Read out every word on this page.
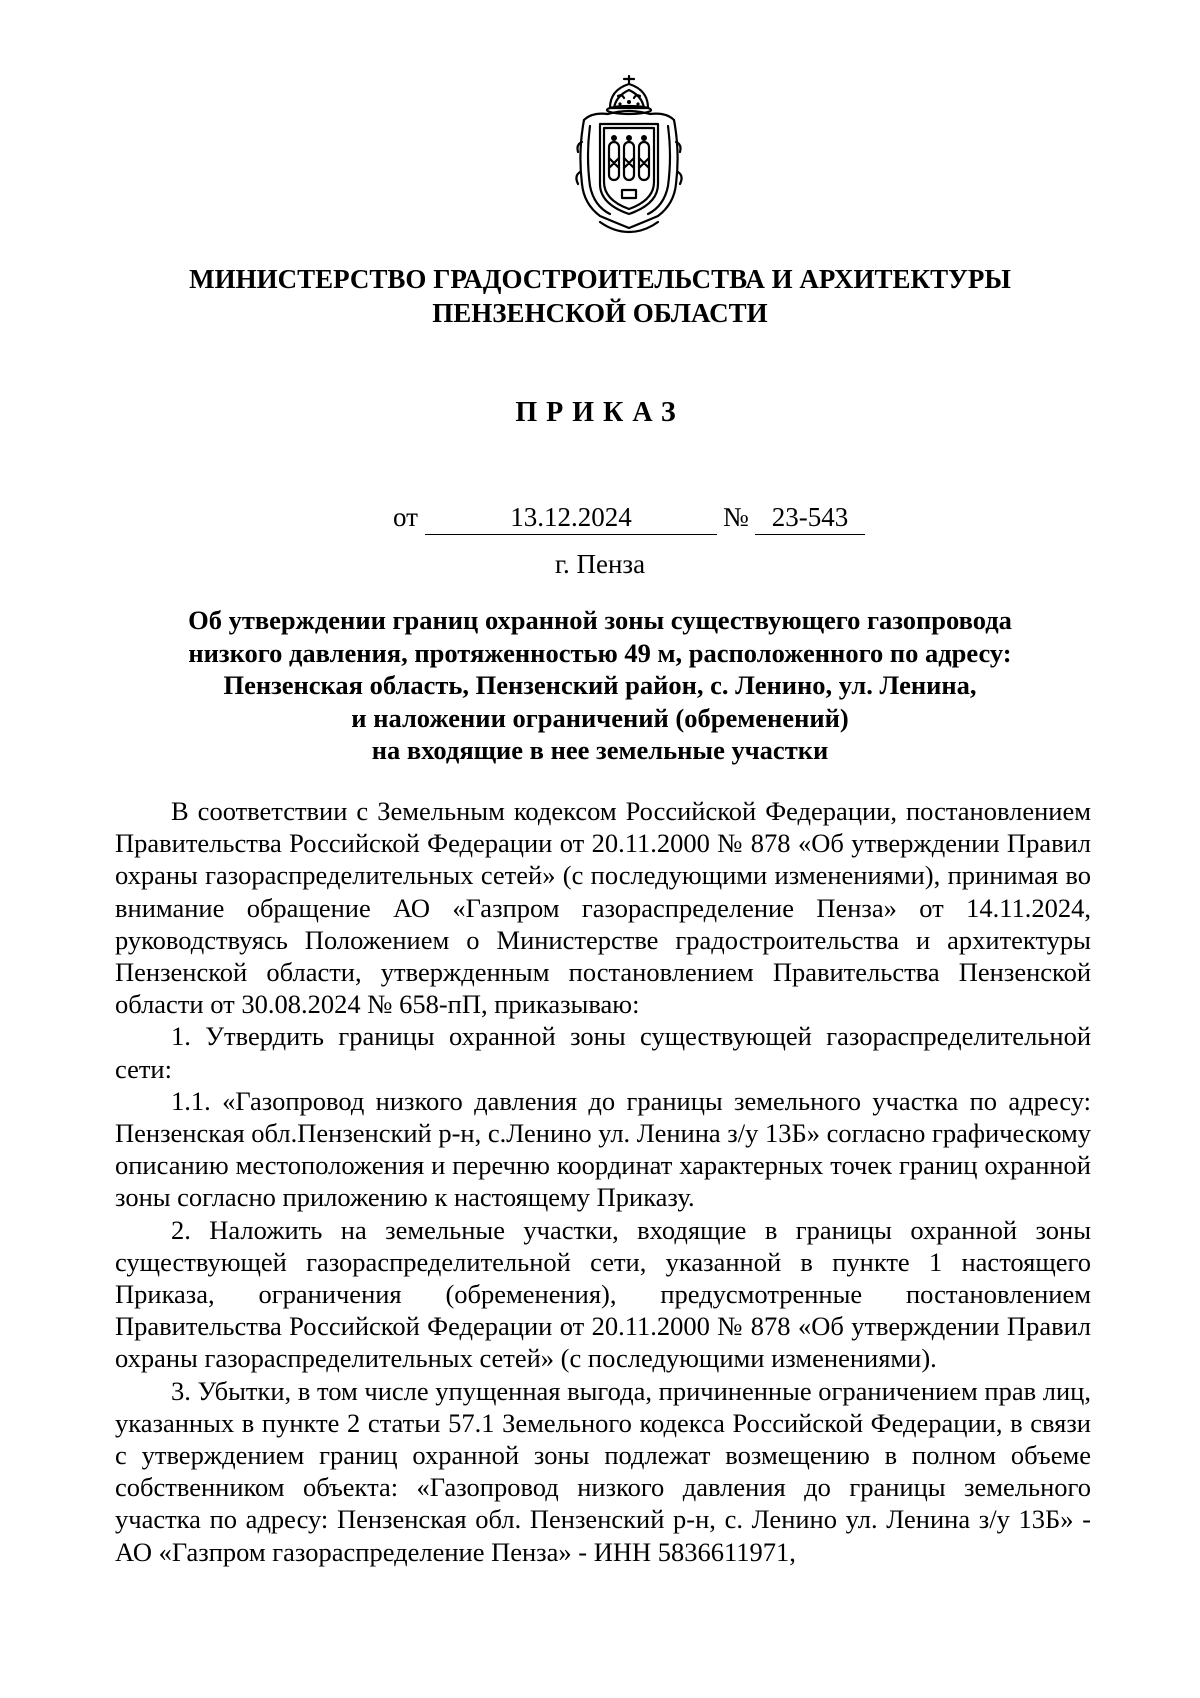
МИНИСТЕРСТВО ГРАДОСТРОИТЕЛЬСТВА И АРХИТЕКТУРЫ
ПЕНЗЕНСКОЙ ОБЛАСТИ
ПРИКАЗ
от	13.12.2024	№ 23-543
г. Пенза
Об утверждении границ охранной зоны существующего газопровода
низкого давления, протяженностью 49 м, расположенного по адресу:
Пензенская область, Пензенский район, с. Ленино, ул. Ленина,
и наложении ограничений (обременений)
на входящие в нее земельные участки

В соответствии с Земельным кодексом Российской Федерации, постановлением Правительства Российской Федерации от 20.11.2000 № 878 «Об утверждении Правил охраны газораспределительных сетей» (с последующими изменениями), принимая во внимание обращение АО «Газпром газораспределение Пенза» от 14.11.2024, руководствуясь Положением о Министерстве градостроительства и архитектуры Пензенской области, утвержденным постановлением Правительства Пензенской области от 30.08.2024 № 658-пП, приказываю:

1. Утвердить границы охранной зоны существующей газораспределительной сети:

1.1. «Газопровод низкого давления до границы земельного участка по адресу: Пензенская обл.Пензенский р-н, с.Ленино ул. Ленина з/у 13Б» согласно графическому описанию местоположения и перечню координат характерных точек границ охранной зоны согласно приложению к настоящему Приказу.

2. Наложить на земельные участки, входящие в границы охранной зоны существующей газораспределительной сети, указанной в пункте 1 настоящего Приказа, ограничения (обременения), предусмотренные постановлением Правительства Российской Федерации от 20.11.2000 № 878 «Об утверждении Правил охраны газораспределительных сетей» (с последующими изменениями).

3. Убытки, в том числе упущенная выгода, причиненные ограничением прав лиц, указанных в пункте 2 статьи 57.1 Земельного кодекса Российской Федерации, в связи с утверждением границ охранной зоны подлежат возмещению в полном объеме собственником объекта: «Газопровод низкого давления до границы земельного участка по адресу: Пензенская обл. Пензенский р-н, с. Ленино ул. Ленина з/у 13Б» - АО «Газпром газораспределение Пенза» - ИНН 5836611971,
